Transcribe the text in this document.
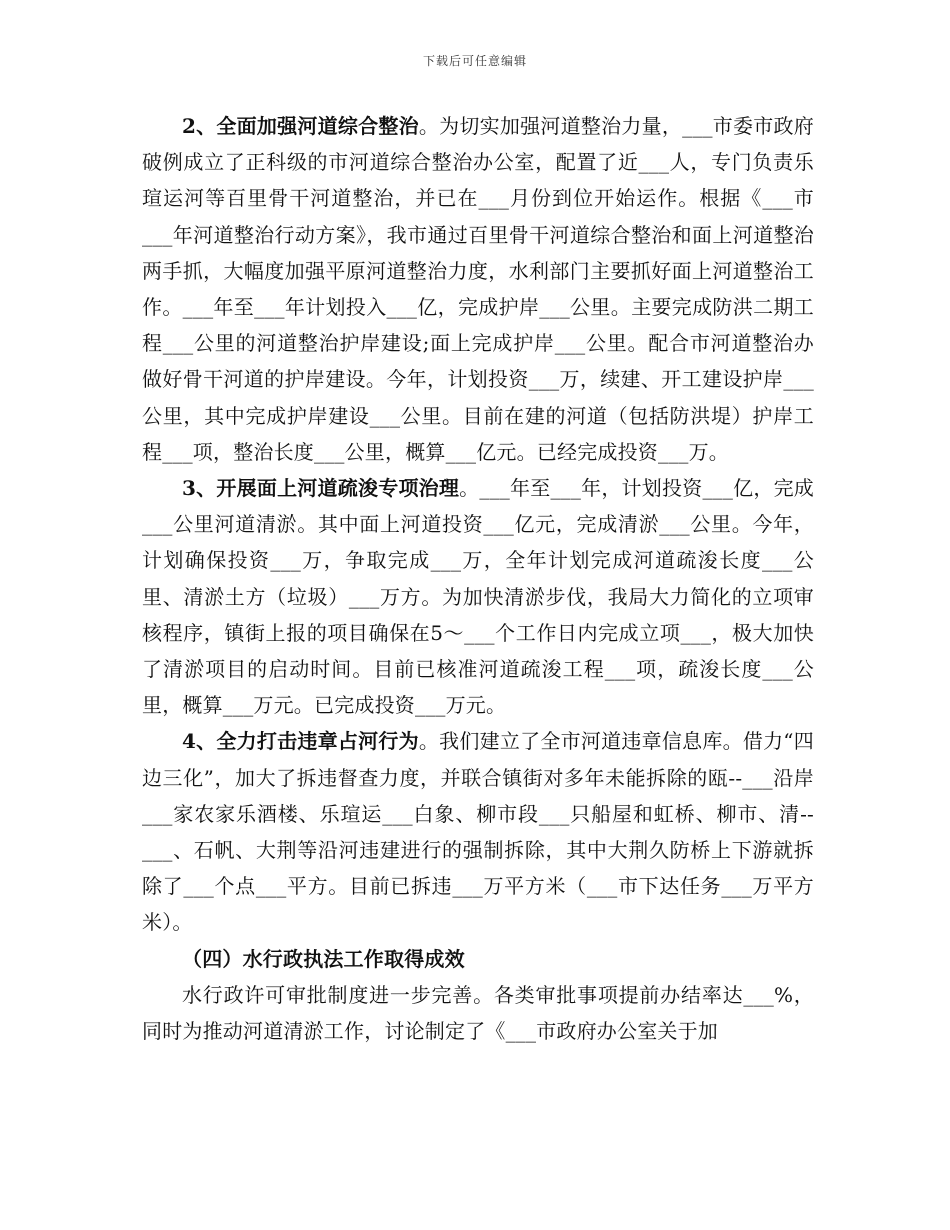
下载后可任意编辑

2、全面加强河道综合整治。为切实加强河道整治力量，___市委市政府破例成立了正科级的市河道综合整治办公室，配置了近___人，专门负责乐瑄运河等百里骨干河道整治，并已在___月份到位开始运作。根据《___市___年河道整治行动方案》，我市通过百里骨干河道综合整治和面上河道整治两手抓，大幅度加强平原河道整治力度，水利部门主要抓好面上河道整治工作。___年至___年计划投入___亿，完成护岸___公里。主要完成防洪二期工程___公里的河道整治护岸建设;面上完成护岸___公里。配合市河道整治办做好骨干河道的护岸建设。今年，计划投资___万，续建、开工建设护岸___公里，其中完成护岸建设___公里。目前在建的河道（包括防洪堤）护岸工程___项，整治长度___公里，概算___亿元。已经完成投资___万。

3、开展面上河道疏浚专项治理。___年至___年，计划投资___亿，完成___公里河道清淤。其中面上河道投资___亿元，完成清淤___公里。今年，计划确保投资___万，争取完成___万，全年计划完成河道疏浚长度___公里、清淤土方（垃圾）___万方。为加快清淤步伐，我局大力简化的立项审核程序，镇街上报的项目确保在5～___个工作日内完成立项___，极大加快了清淤项目的启动时间。目前已核准河道疏浚工程___项，疏浚长度___公里，概算___万元。已完成投资___万元。

4、全力打击违章占河行为。我们建立了全市河道违章信息库。借力“四边三化”，加大了拆违督查力度，并联合镇街对多年未能拆除的瓯--___沿岸___家农家乐酒楼、乐瑄运___白象、柳市段___只船屋和虹桥、柳市、清--___、石帆、大荆等沿河违建进行的强制拆除，其中大荆久防桥上下游就拆除了___个点___平方。目前已拆违___万平方米（___市下达任务___万平方米）。

（四）水行政执法工作取得成效

水行政许可审批制度进一步完善。各类审批事项提前办结率达___%，同时为推动河道清淤工作，讨论制定了《___市政府办公室关于加
